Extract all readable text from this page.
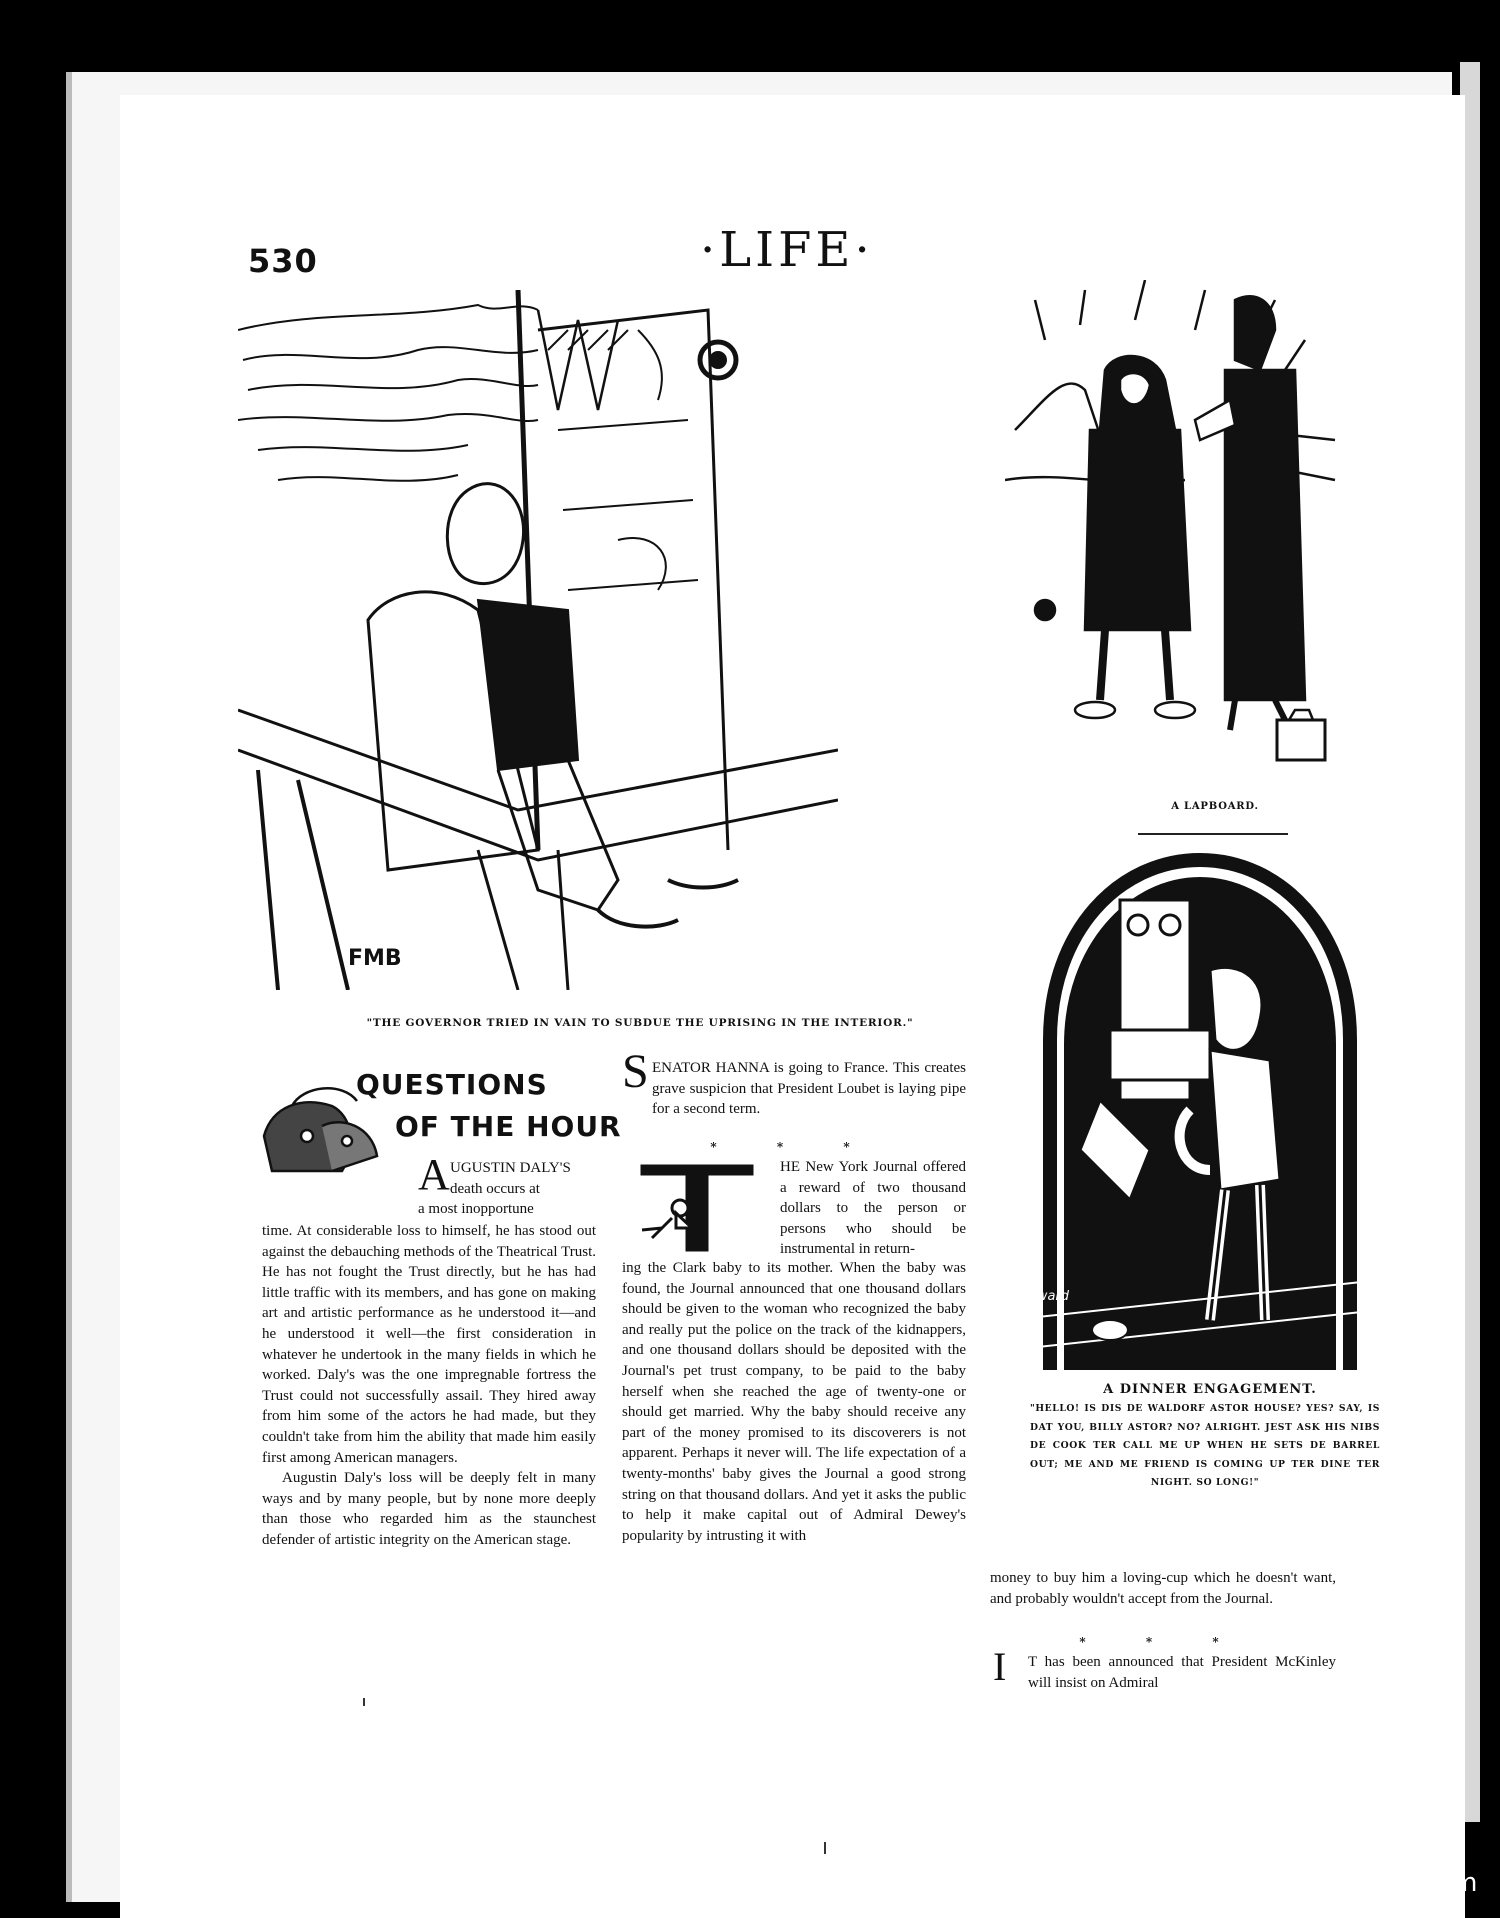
530	·LIFE·
FMB
"THE GOVERNOR TRIED IN VAIN TO SUBDUE THE UPRISING IN THE INTERIOR."
A LAPBOARD.
CHoward
A DINNER ENGAGEMENT.
"HELLO! IS DIS DE WALDORF ASTOR HOUSE? YES? SAY, IS DAT YOU, BILLY ASTOR? NO? ALRIGHT. JEST ASK HIS NIBS DE COOK TER CALL ME UP WHEN HE SETS DE BARREL OUT; ME AND ME FRIEND IS COMING UP TER DINE TER NIGHT. SO LONG!"
QUESTIONS
OF THE HOUR
A UGUSTIN DALY'S
death occurs at
a most inopportune

time. At considerable loss to himself, he has stood out against the debauching methods of the Theatrical Trust. He has not fought the Trust directly, but he has had little traffic with its members, and has gone on making art and artistic performance as he understood it—and he understood it well—the first consideration in whatever he undertook in the many fields in which he worked. Daly's was the one impregnable fortress the Trust could not successfully assail. They hired away from him some of the actors he had made, but they couldn't take from him the ability that made him easily first among American managers.

Augustin Daly's loss will be deeply felt in many ways and by many people, but by none more deeply than those who regarded him as the staunchest defender of artistic integrity on the American stage.

S ENATOR HANNA is going to France. This creates grave suspicion that President Loubet is laying pipe for a second term.
* * *
HE New York Journal offered a reward of two thousand dollars to the person or persons who should be instrumental in return-
ing the Clark baby to its mother. When the baby was found, the Journal announced that one thousand dollars should be given to the woman who recognized the baby and really put the police on the track of the kidnappers, and one thousand dollars should be deposited with the Journal's pet trust company, to be paid to the baby herself when she reached the age of twenty-one or should get married. Why the baby should receive any part of the money promised to its discoverers is not apparent. Perhaps it never will. The life expectation of a twenty-months' baby gives the Journal a good strong string on that thousand dollars. And yet it asks the public to help it make capital out of Admiral Dewey's popularity by intrusting it with
money to buy him a loving-cup which he doesn't want, and probably wouldn't accept from the Journal.
* * *
I T has been announced that President McKinley will insist on Admiral
comicbooks.com
